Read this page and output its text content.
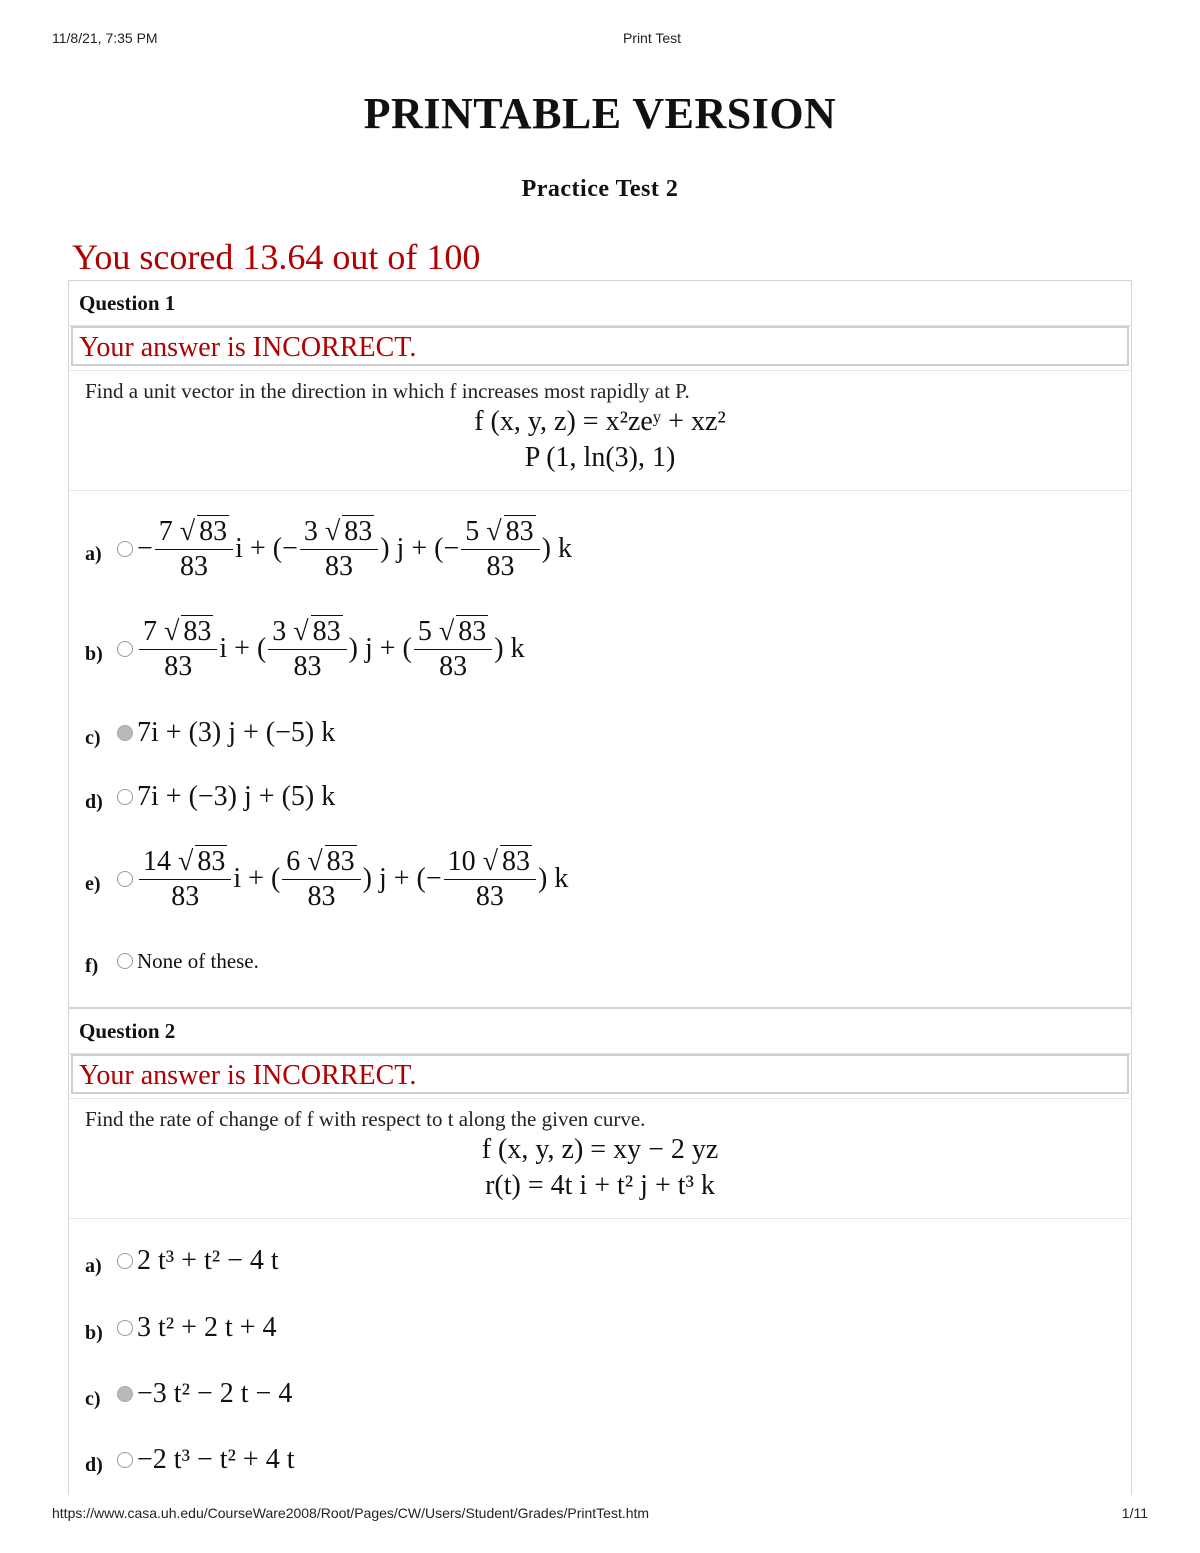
11/8/21, 7:35 PM	Print Test
PRINTABLE VERSION
Practice Test 2
You scored 13.64 out of 100
Question 1
Your answer is INCORRECT.
Find a unit vector in the direction in which f increases most rapidly at P.
f (x, y, z) = x²zeʸ + xz²
P (1, ln(3), 1)
a)	− $\frac{7 √ 83}{83}$ i + (− $\frac{3 √ 83}{83}$ ) j + (− $\frac{5 √ 83}{83}$ ) k
b)	$\frac{7 √ 83}{83}$ i + ( $\frac{3 √ 83}{83}$ ) j + ( $\frac{5 √ 83}{83}$ ) k
c)	7i + (3) j + (−5) k
d)	7i + (−3) j + (5) k
e)	$\frac{14 √ 83}{83}$ i + ( $\frac{6 √ 83}{83}$ ) j + (− $\frac{10 √ 83}{83}$ ) k
f)	None of these.
Question 2
Your answer is INCORRECT.
Find the rate of change of f with respect to t along the given curve.
f (x, y, z) = xy − 2 yz
r(t) = 4t i + t² j + t³ k
a)	2 t³ + t² − 4 t
b)	3 t² + 2 t + 4
c)	−3 t² − 2 t − 4
d)	−2 t³ − t² + 4 t
https://www.casa.uh.edu/CourseWare2008/Root/Pages/CW/Users/Student/Grades/PrintTest.htm	1/11
